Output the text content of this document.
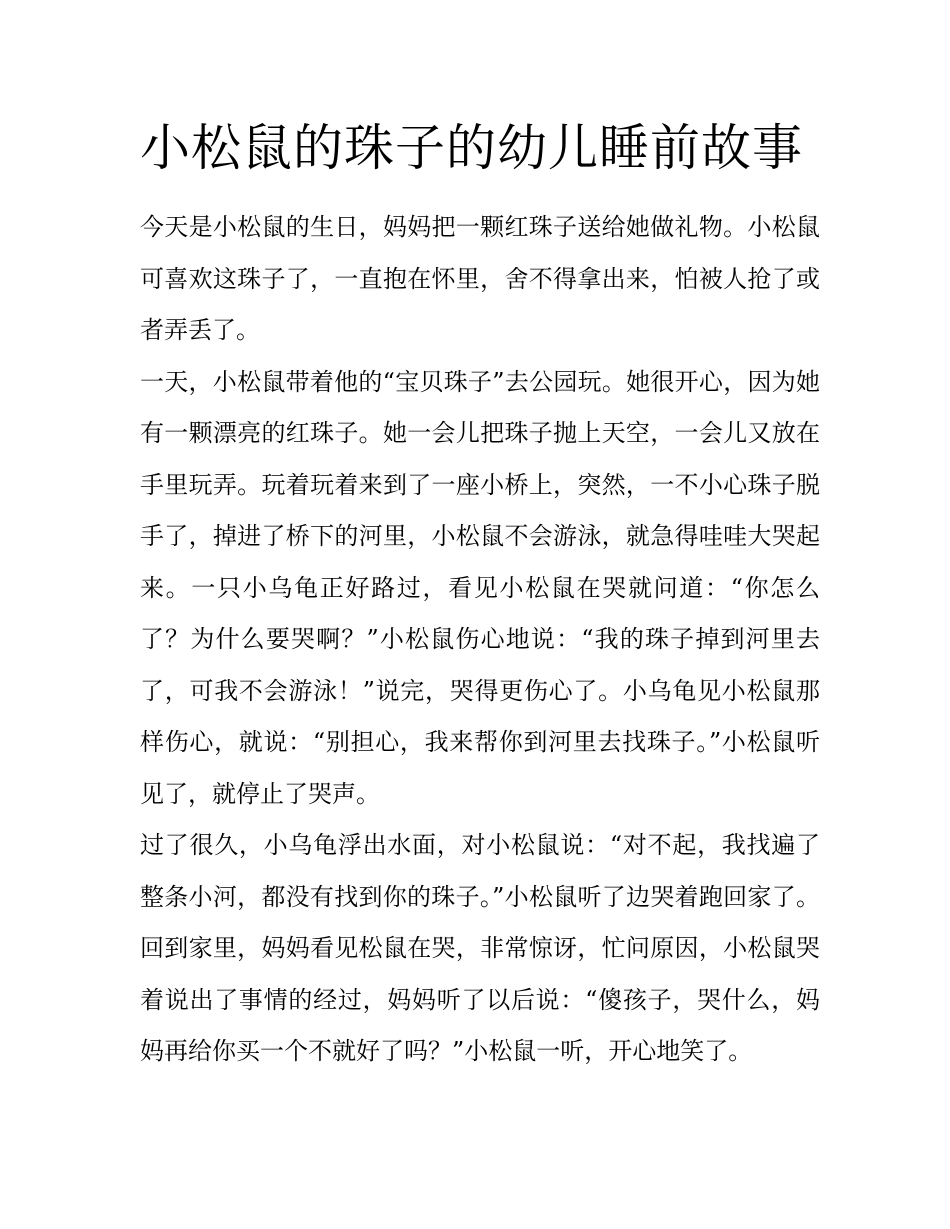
小松鼠的珠子的幼儿睡前故事

今天是小松鼠的生日，妈妈把一颗红珠子送给她做礼物。小松鼠可喜欢这珠子了，一直抱在怀里，舍不得拿出来，怕被人抢了或者弄丢了。

一天，小松鼠带着他的“宝贝珠子”去公园玩。她很开心，因为她有一颗漂亮的红珠子。她一会儿把珠子抛上天空，一会儿又放在手里玩弄。玩着玩着来到了一座小桥上，突然，一不小心珠子脱手了，掉进了桥下的河里，小松鼠不会游泳，就急得哇哇大哭起来。一只小乌龟正好路过，看见小松鼠在哭就问道：“你怎么了？为什么要哭啊？”小松鼠伤心地说：“我的珠子掉到河里去了，可我不会游泳！”说完，哭得更伤心了。小乌龟见小松鼠那样伤心，就说：“别担心，我来帮你到河里去找珠子。”小松鼠听见了，就停止了哭声。

过了很久，小乌龟浮出水面，对小松鼠说：“对不起，我找遍了整条小河，都没有找到你的珠子。”小松鼠听了边哭着跑回家了。回到家里，妈妈看见松鼠在哭，非常惊讶，忙问原因，小松鼠哭着说出了事情的经过，妈妈听了以后说：“傻孩子，哭什么，妈妈再给你买一个不就好了吗？”小松鼠一听，开心地笑了。
